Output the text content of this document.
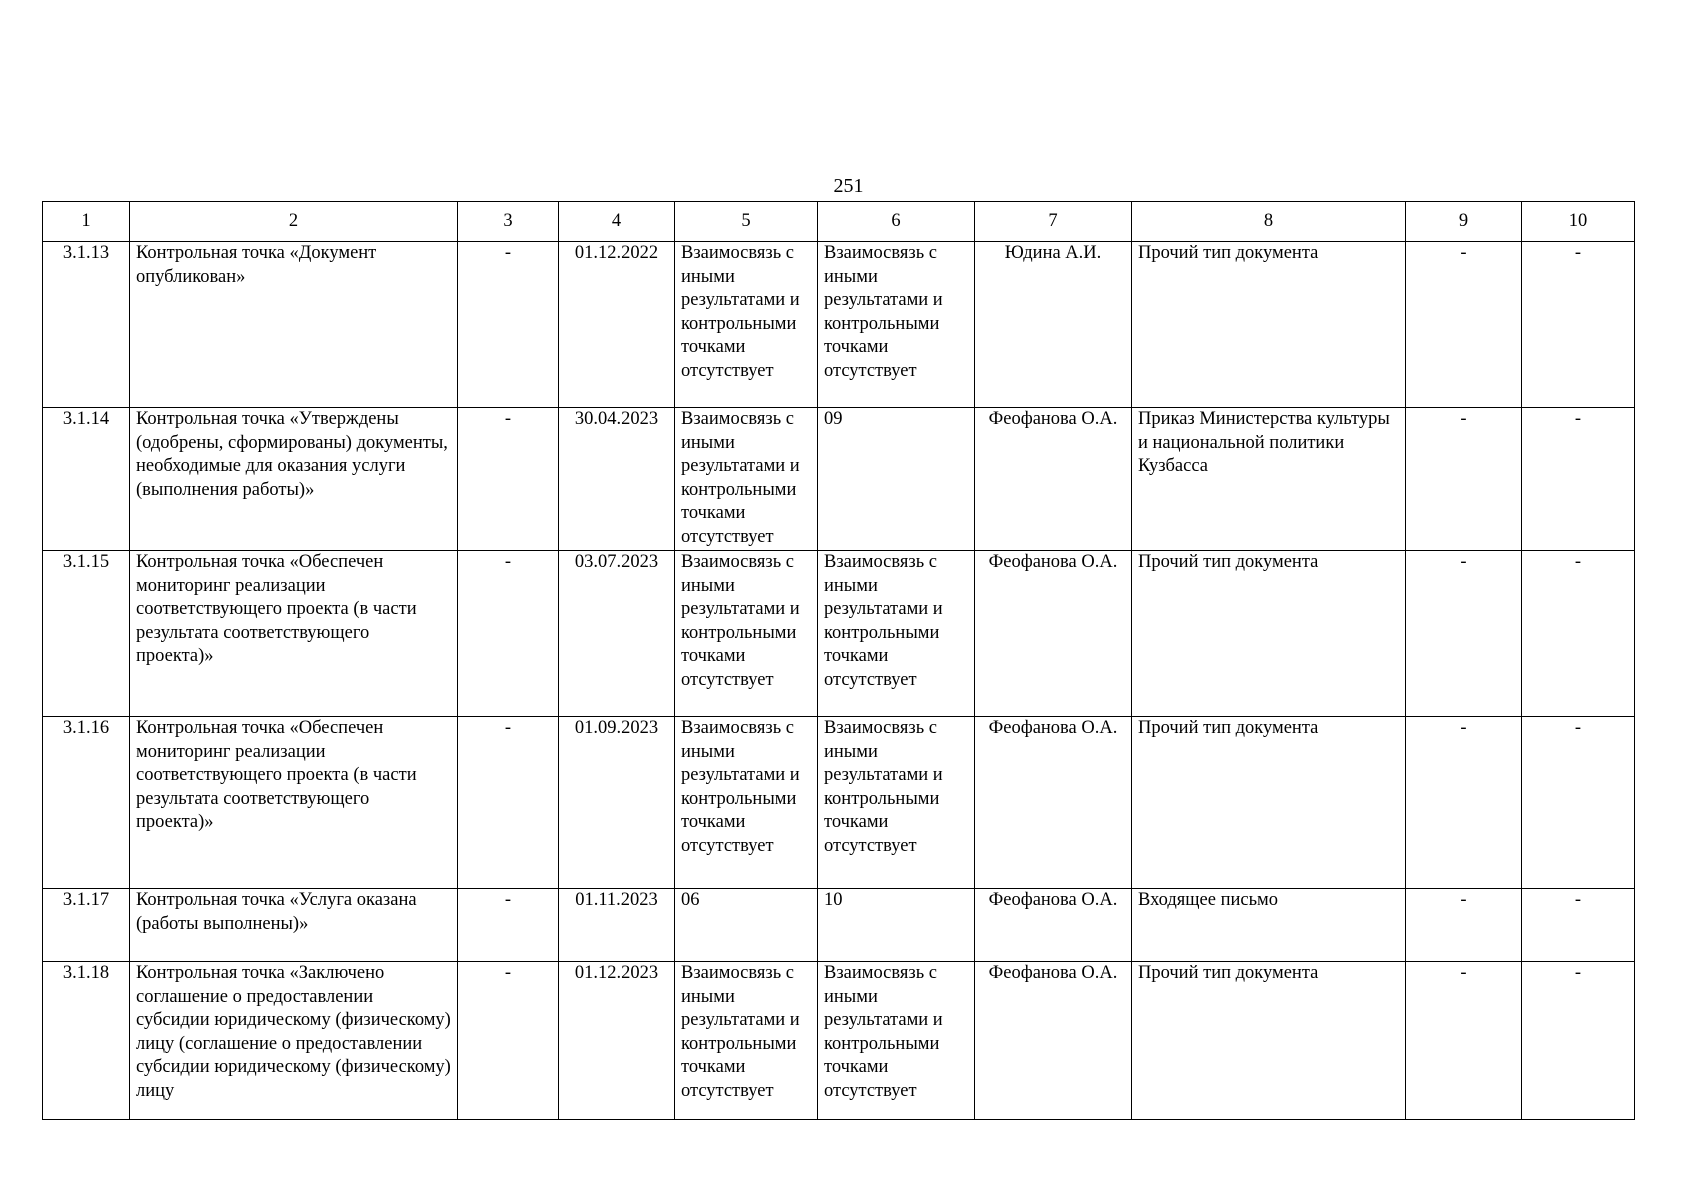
251
1	2	3	4	5	6	7	8	9	10
3.1.13	Контрольная точка «Документ опубликован»	-	01.12.2022	Взаимосвязь с иными результатами и контрольными точками отсутствует	Взаимосвязь с иными результатами и контрольными точками отсутствует	Юдина А.И.	Прочий тип документа	-	-
3.1.14	Контрольная точка «Утверждены (одобрены, сформированы) документы, необходимые для оказания услуги (выполнения работы)»	-	30.04.2023	Взаимосвязь с иными результатами и контрольными точками отсутствует	09	Феофанова О.А.	Приказ Министерства культуры и национальной политики Кузбасса	-	-
3.1.15	Контрольная точка «Обеспечен мониторинг реализации соответствующего проекта (в части результата соответствующего проекта)»	-	03.07.2023	Взаимосвязь с иными результатами и контрольными точками отсутствует	Взаимосвязь с иными результатами и контрольными точками отсутствует	Феофанова О.А.	Прочий тип документа	-	-
3.1.16	Контрольная точка «Обеспечен мониторинг реализации соответствующего проекта (в части результата соответствующего проекта)»	-	01.09.2023	Взаимосвязь с иными результатами и контрольными точками отсутствует	Взаимосвязь с иными результатами и контрольными точками отсутствует	Феофанова О.А.	Прочий тип документа	-	-
3.1.17	Контрольная точка «Услуга оказана (работы выполнены)»	-	01.11.2023	06	10	Феофанова О.А.	Входящее письмо	-	-
3.1.18	Контрольная точка «Заключено соглашение о предоставлении субсидии юридическому (физическому) лицу (соглашение о предоставлении субсидии юридическому (физическому) лицу	-	01.12.2023	Взаимосвязь с иными результатами и контрольными точками отсутствует	Взаимосвязь с иными результатами и контрольными точками отсутствует	Феофанова О.А.	Прочий тип документа	-	-
